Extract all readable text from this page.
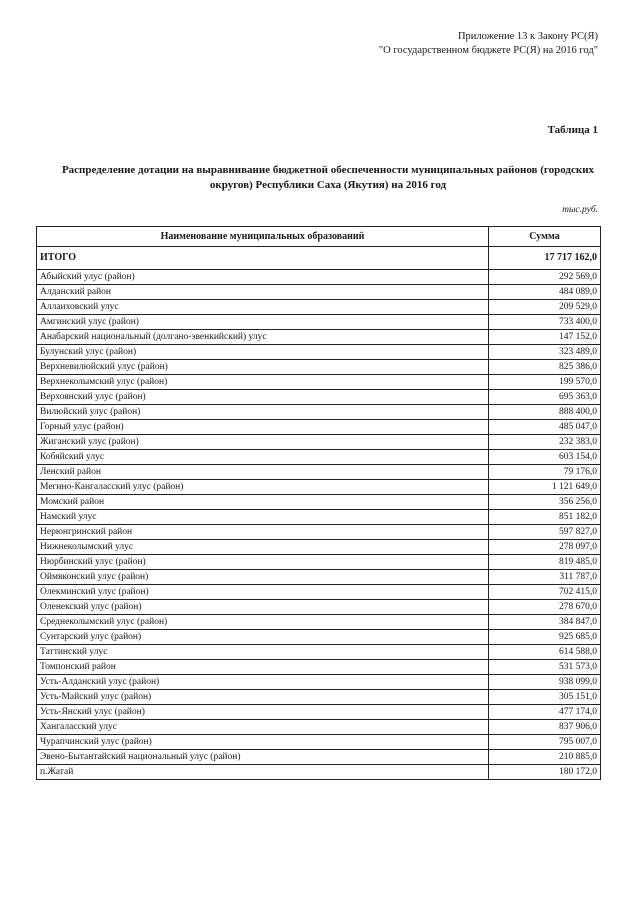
Приложение 13 к Закону РС(Я)
"О государственном бюджете РС(Я) на 2016 год"
Таблица 1
Распределение дотации на выравнивание бюджетной обеспеченности муниципальных районов (городских
округов) Республики Саха (Якутия) на 2016 год
тыс.руб.
Наименование муниципальных образований	Сумма
ИТОГО	17 717 162,0
Абыйский улус (район)	292 569,0
Алданский район	484 089,0
Аллаиховский улус	209 529,0
Амгинский улус (район)	733 400,0
Анабарский национальный (долгано-эвенкийский) улус	147 152,0
Булунский улус (район)	323 489,0
Верхневилюйский улус (район)	825 386,0
Верхнеколымский улус (район)	199 570,0
Верхоянский улус (район)	695 363,0
Вилюйский улус (район)	888 400,0
Горный улус (район)	485 047,0
Жиганский улус (район)	232 383,0
Кобяйский улус	603 154,0
Ленский район	79 176,0
Мегино-Кангаласский улус (район)	1 121 649,0
Момский район	356 256,0
Намский улус	851 182,0
Нерюнгринский район	597 827,0
Нижнеколымский улус	278 097,0
Нюрбинский улус (район)	819 485,0
Оймяконский улус (район)	311 787,0
Олекминский улус (район)	702 415,0
Оленекский улус (район)	278 670,0
Среднеколымский улус (район)	384 847,0
Сунтарский улус (район)	925 685,0
Таттинский улус	614 588,0
Томпонский район	531 573,0
Усть-Алданский улус (район)	938 099,0
Усть-Майский улус (район)	305 151,0
Усть-Янский улус (район)	477 174,0
Хангаласский улус	837 906,0
Чурапчинский улус (район)	795 007,0
Эвено-Бытантайский национальный улус (район)	210 885,0
п.Жатай	180 172,0
